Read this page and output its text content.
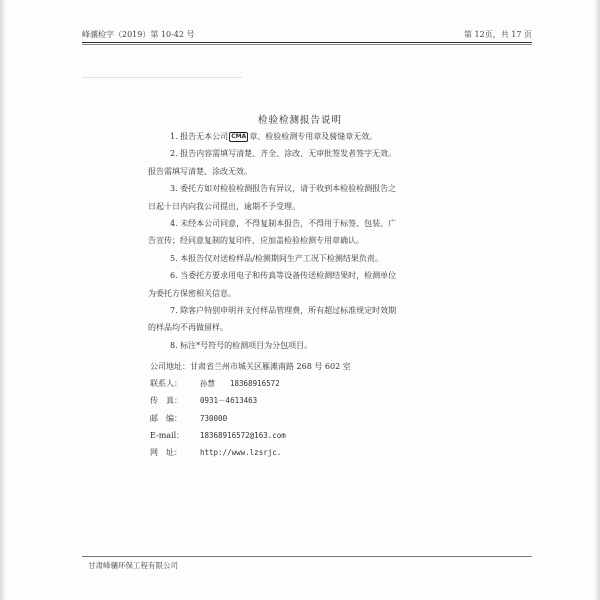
峰骧检字（2019）第 10-42 号	第 12页，共 17 页
检验检测报告说明
1. 报告无本公司 CMA 章、检验检测专用章及骑缝章无效。
2. 报告内容需填写清楚、齐全、涂改、无审批签发者签字无效。
报告需填写清楚、涂改无效。
3. 委托方如对检验检测报告有异议，请于收到本检验检测报告之
日起十日内向我公司提出，逾期不予受理。
4. 未经本公司同意，不得复制本报告，不得用于标签、包装、广
告宣传；经同意复制的复印件，应加盖检验检测专用章确认。
5. 本报告仅对送检样品/检测期间生产工况下检测结果负责。
6. 当委托方要求用电子和传真等设备传送检测结果时，检测单位
为委托方保密相关信息。
7. 除客户特别申明并支付样品管理费，所有超过标准规定时效期
的样品均不再做留样。
8. 标注*号符号的检测项目为分包项目。
公司地址：甘肃省兰州市城关区雁滩南路 268 号 602 室
联系人： 孙慧　　18368916572
传　真： 0931－4613463
邮　编： 730000
E-mail： 18368916572@163.com
网　址： http://www.lzsrjc.
甘肃峰骧环保工程有限公司
